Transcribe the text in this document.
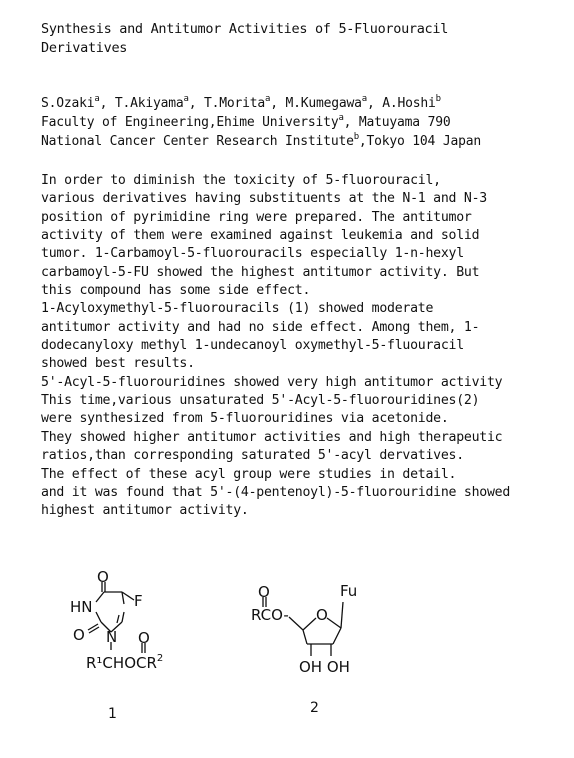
Synthesis and Antitumor Activities of 5-Fluorouracil
Derivatives
S.Ozaki$^a$, T.Akiyama$^a$, T.Morita$^a$, M.Kumegawa$^a$, A.Hoshi$^b$
Faculty of Engineering,Ehime University$^a$, Matuyama 790
National Cancer Center Research Institute$^b$,Tokyo 104 Japan
In order to diminish the toxicity of 5-fluorouracil,
various derivatives having substituents at the N-1 and N-3
position of pyrimidine ring were prepared. The antitumor
activity of them were examined against leukemia and solid
tumor. 1-Carbamoyl-5-fluorouracils especially 1-n-hexyl
carbamoyl-5-FU showed the highest antitumor activity. But
this compound has some side effect.
1-Acyloxymethyl-5-fluorouracils (1) showed moderate
antitumor activity and had no side effect. Among them, 1-
dodecanyloxy methyl 1-undecanoyl oxymethyl-5-fluouracil
showed best results.
5'-Acyl-5-fluorouridines showed very high antitumor activity
This time,various unsaturated 5'-Acyl-5-fluorouridines(2)
were synthesized from 5-fluorouridines via acetonide.
They showed higher antitumor activities and high therapeutic
ratios,than corresponding saturated 5'-acyl dervatives.
The effect of these acyl group were studies in detail.
and it was found that 5'-(4-pentenoyl)-5-fluorouridine showed
highest antitumor activity.
O
HN	F
O N O
R¹CHOCR$^2$
1
O
RCO- O
Fu
OH OH
2
